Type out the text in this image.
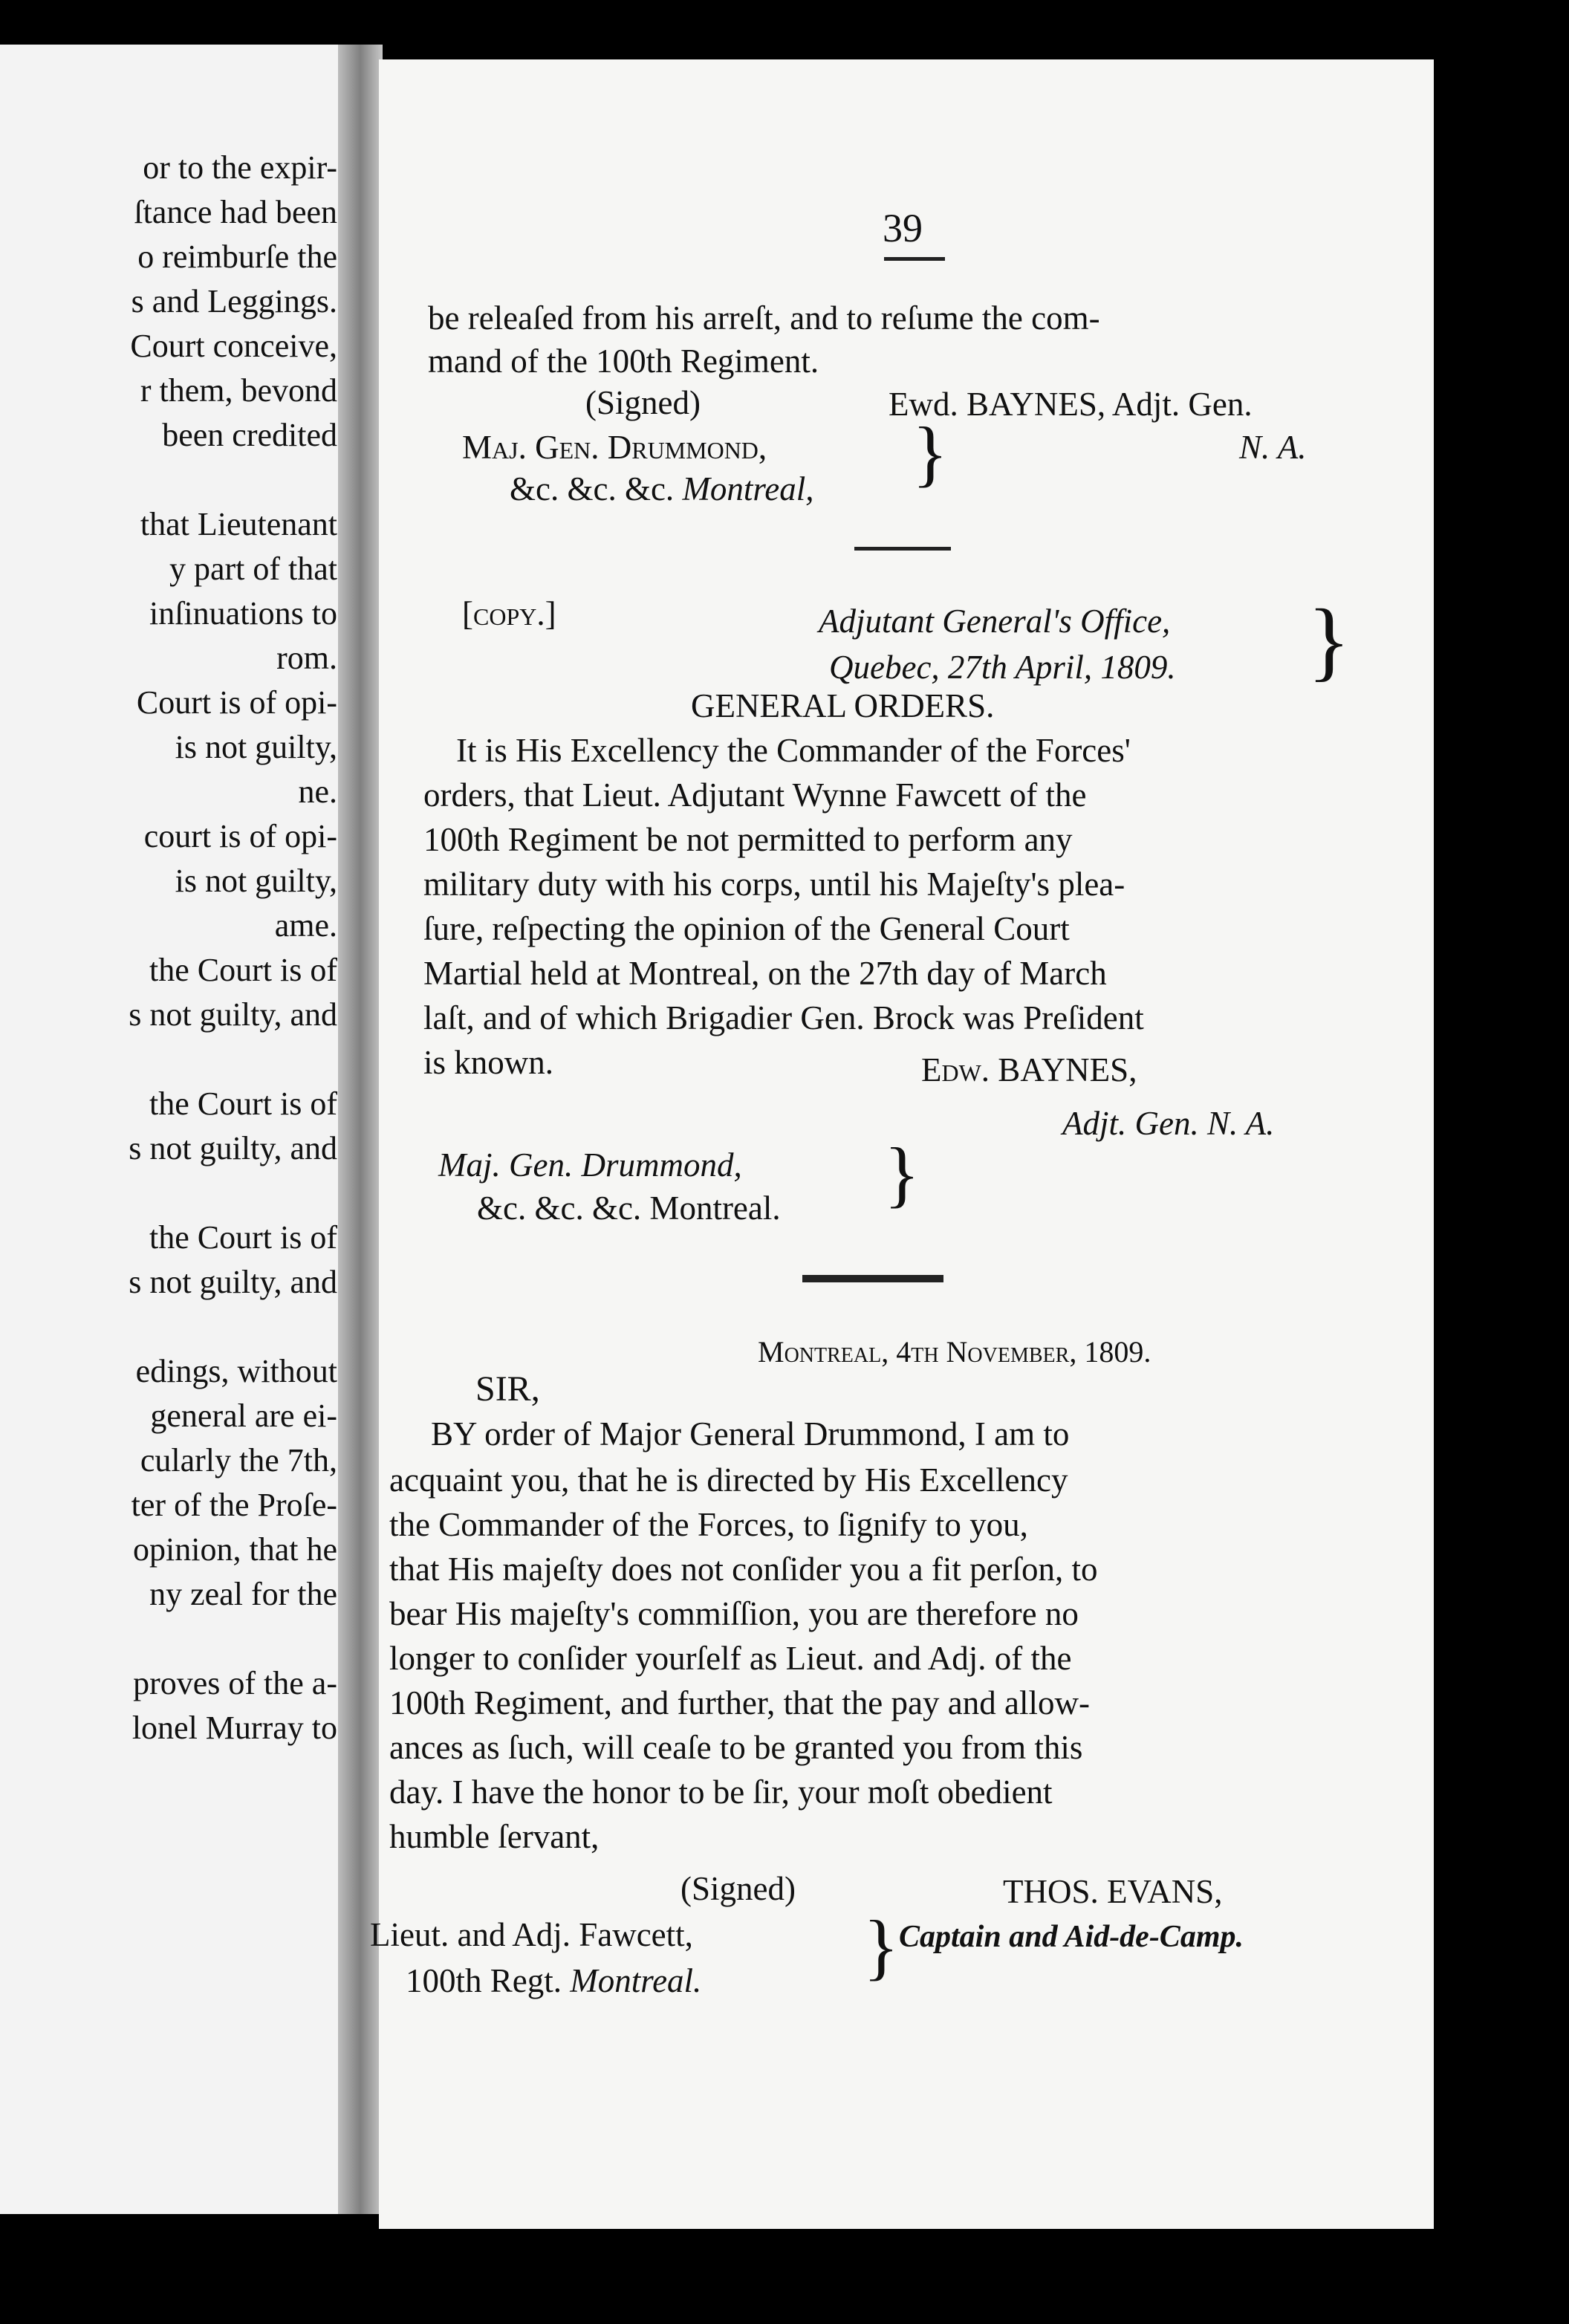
or to the expir-
ſtance had been
o reimburſe the
s and Leggings.
Court conceive,
r them, bevond
been credited
that Lieutenant
y part of that
inſinuations to
rom.
Court is of opi-
is not guilty,
ne.
court is of opi-
is not guilty,
ame.
the Court is of
s not guilty, and
the Court is of
s not guilty, and
the Court is of
s not guilty, and
edings, without
general are ei-
cularly the 7th,
ter of the Proſe-
opinion, that he
ny zeal for the
proves of the a-
lonel Murray to
39
be releaſed from his arreſt, and to reſume the com-
mand of the 100th Regiment.
(Signed)	Ewd. BAYNES, Adjt. Gen.
N. A.
Maj. Gen. Drummond,
&c. &c. &c. Montreal, }
[copy.]	Adjutant General's Office,
Quebec, 27th April, 1809. }
GENERAL ORDERS.
It is His Excellency the Commander of the Forces'
orders, that Lieut. Adjutant Wynne Fawcett of the
100th Regiment be not permitted to perform any
military duty with his corps, until his Majeſty's plea-
ſure, reſpecting the opinion of the General Court
Martial held at Montreal, on the 27th day of March
laſt, and of which Brigadier Gen. Brock was Preſident
is known.	Edw. BAYNES,
Adjt. Gen. N. A.
Maj. Gen. Drummond,
&c. &c. &c. Montreal. }
Montreal, 4th November, 1809.
SIR,
BY order of Major General Drummond, I am to
acquaint you, that he is directed by His Excellency
the Commander of the Forces, to ſignify to you,
that His majeſty does not conſider you a fit perſon, to
bear His majeſty's commiſſion, you are therefore no
longer to conſider yourſelf as Lieut. and Adj. of the
100th Regiment, and further, that the pay and allow-
ances as ſuch, will ceaſe to be granted you from this
day. I have the honor to be ſir, your moſt obedient
humble ſervant,
(Signed)	THOS. EVANS,
Captain and Aid-de-Camp.
Lieut. and Adj. Fawcett,
100th Regt. Montreal. }
